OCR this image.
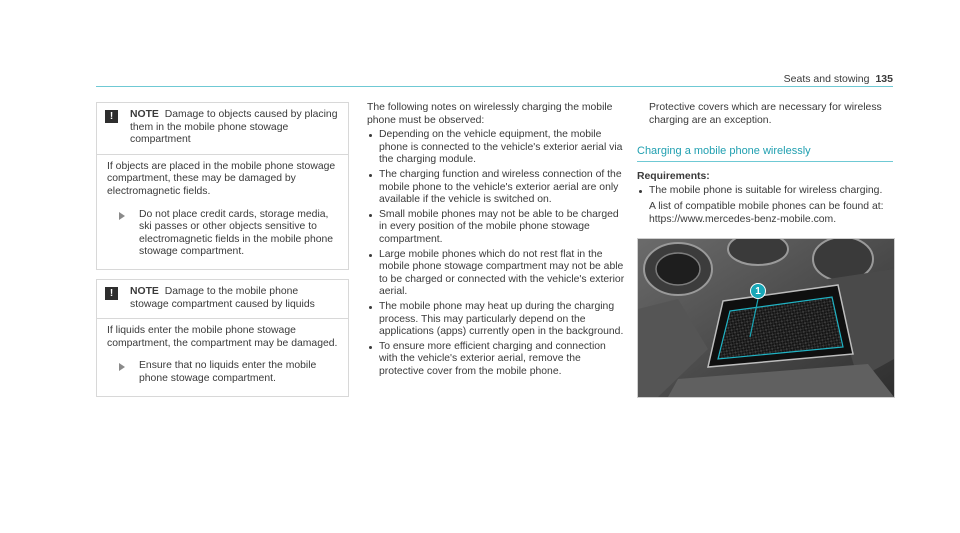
Seats and stowing 135
!	NOTE Damage to objects caused by placing them in the mobile phone stowage compartment

If objects are placed in the mobile phone stowage compartment, these may be damaged by electromagnetic fields.

Do not place credit cards, storage media, ski passes or other objects sensitive to electromagnetic fields in the mobile phone stowage compartment.
!	NOTE Damage to the mobile phone stowage compartment caused by liquids

If liquids enter the mobile phone stowage compartment, the compartment may be damaged.

Ensure that no liquids enter the mobile phone stowage compartment.

The following notes on wirelessly charging the mobile phone must be observed:

Depending on the vehicle equipment, the mobile phone is connected to the vehicle's exterior aerial via the charging module.
The charging function and wireless connection of the mobile phone to the vehicle's exterior aerial are only available if the vehicle is switched on.
Small mobile phones may not be able to be charged in every position of the mobile phone stowage compartment.
Large mobile phones which do not rest flat in the mobile phone stowage compartment may not be able to be charged or connected with the vehicle's exterior aerial.
The mobile phone may heat up during the charging process. This may particularly depend on the applications (apps) currently open in the background.
To ensure more efficient charging and connection with the vehicle's exterior aerial, remove the protective cover from the mobile phone.

Protective covers which are necessary for wireless charging are an exception.

Charging a mobile phone wirelessly
Requirements:
The mobile phone is suitable for wireless charging.

A list of compatible mobile phones can be found at: https://www.mercedes-benz-mobile.com.

1
